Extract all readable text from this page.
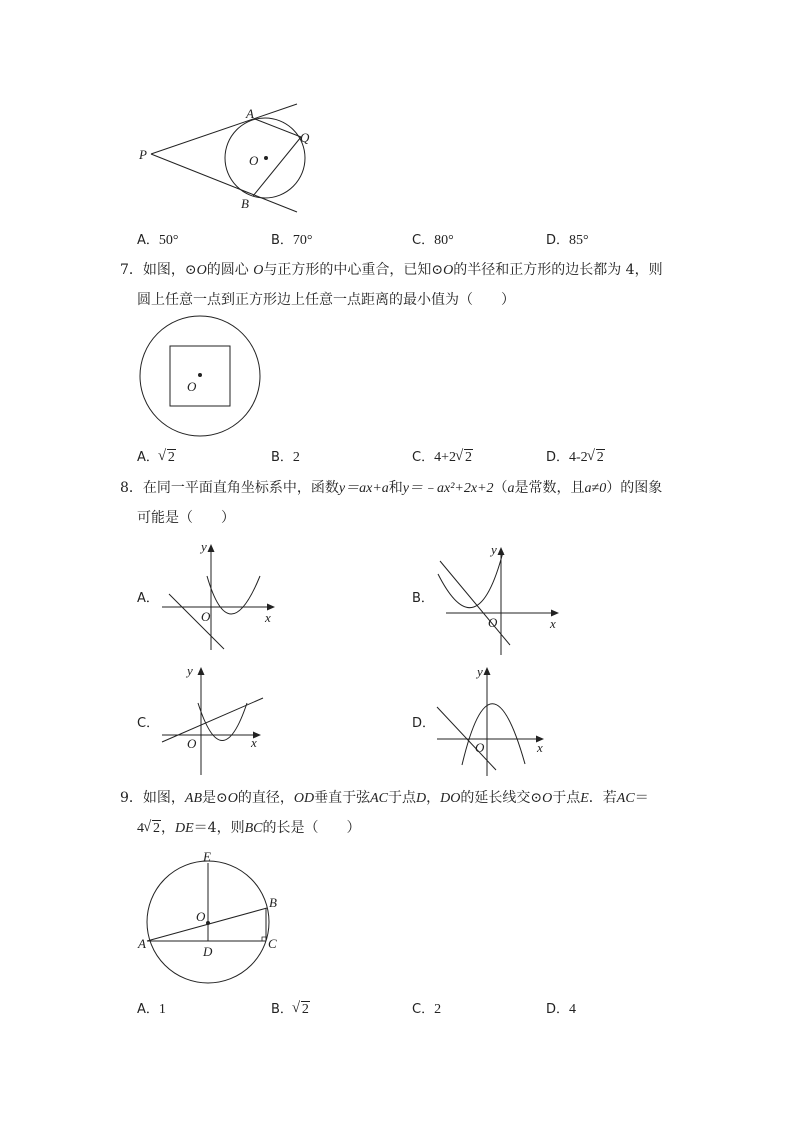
A
Q
P	O
B
A．50°	B．70°	C．80°	D．85°
7．如图，⊙O的圆心 O与正方形的中心重合，已知⊙O的半径和正方形的边长都为 4，则
圆上任意一点到正方形边上任意一点距离的最小值为（　　）
O
A． √ 2	B．2	C．4+2 √ 2	D．4-2 √ 2
8．在同一平面直角坐标系中，函数y＝ax+a和y＝﹣ax²+2x+2（a是常数，且a≠0）的图象
可能是（　　）
A．
y
x
O
B．
y
x
O
C．
y
x
O
D．
y
x
O
9．如图，AB是⊙O的直径，OD垂直于弦AC于点D，DO的延长线交⊙O于点E．若AC＝
4 √ 2，DE＝4，则BC的长是（　　）
E
B
O
A
D
C
A．1	B． √ 2	C．2	D．4
